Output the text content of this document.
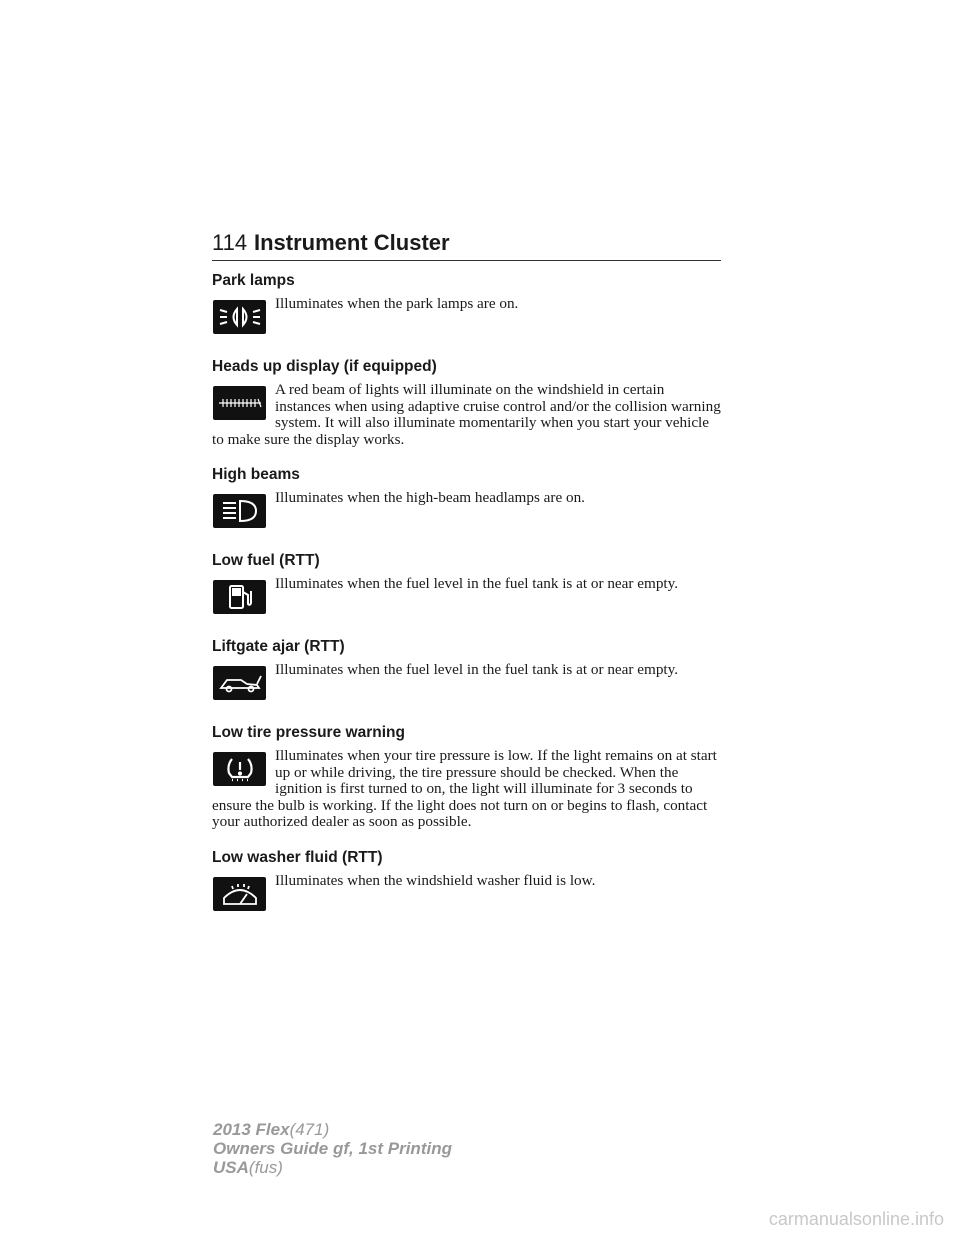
114 Instrument Cluster
Park lamps

Illuminates when the park lamps are on.

Heads up display (if equipped)

A red beam of lights will illuminate on the windshield in certain instances when using adaptive cruise control and/or the collision warning system. It will also illuminate momentarily when you start your vehicle to make sure the display works.

High beams

Illuminates when the high-beam headlamps are on.

Low fuel (RTT)

Illuminates when the fuel level in the fuel tank is at or near empty.

Liftgate ajar (RTT)

Illuminates when the fuel level in the fuel tank is at or near empty.

Low tire pressure warning

Illuminates when your tire pressure is low. If the light remains on at start up or while driving, the tire pressure should be checked. When the ignition is first turned to on, the light will illuminate for 3 seconds to ensure the bulb is working. If the light does not turn on or begins to flash, contact your authorized dealer as soon as possible.

Low washer fluid (RTT)

Illuminates when the windshield washer fluid is low.

2013 Flex(471)
Owners Guide gf, 1st Printing
USA(fus)
carmanualsonline.info
